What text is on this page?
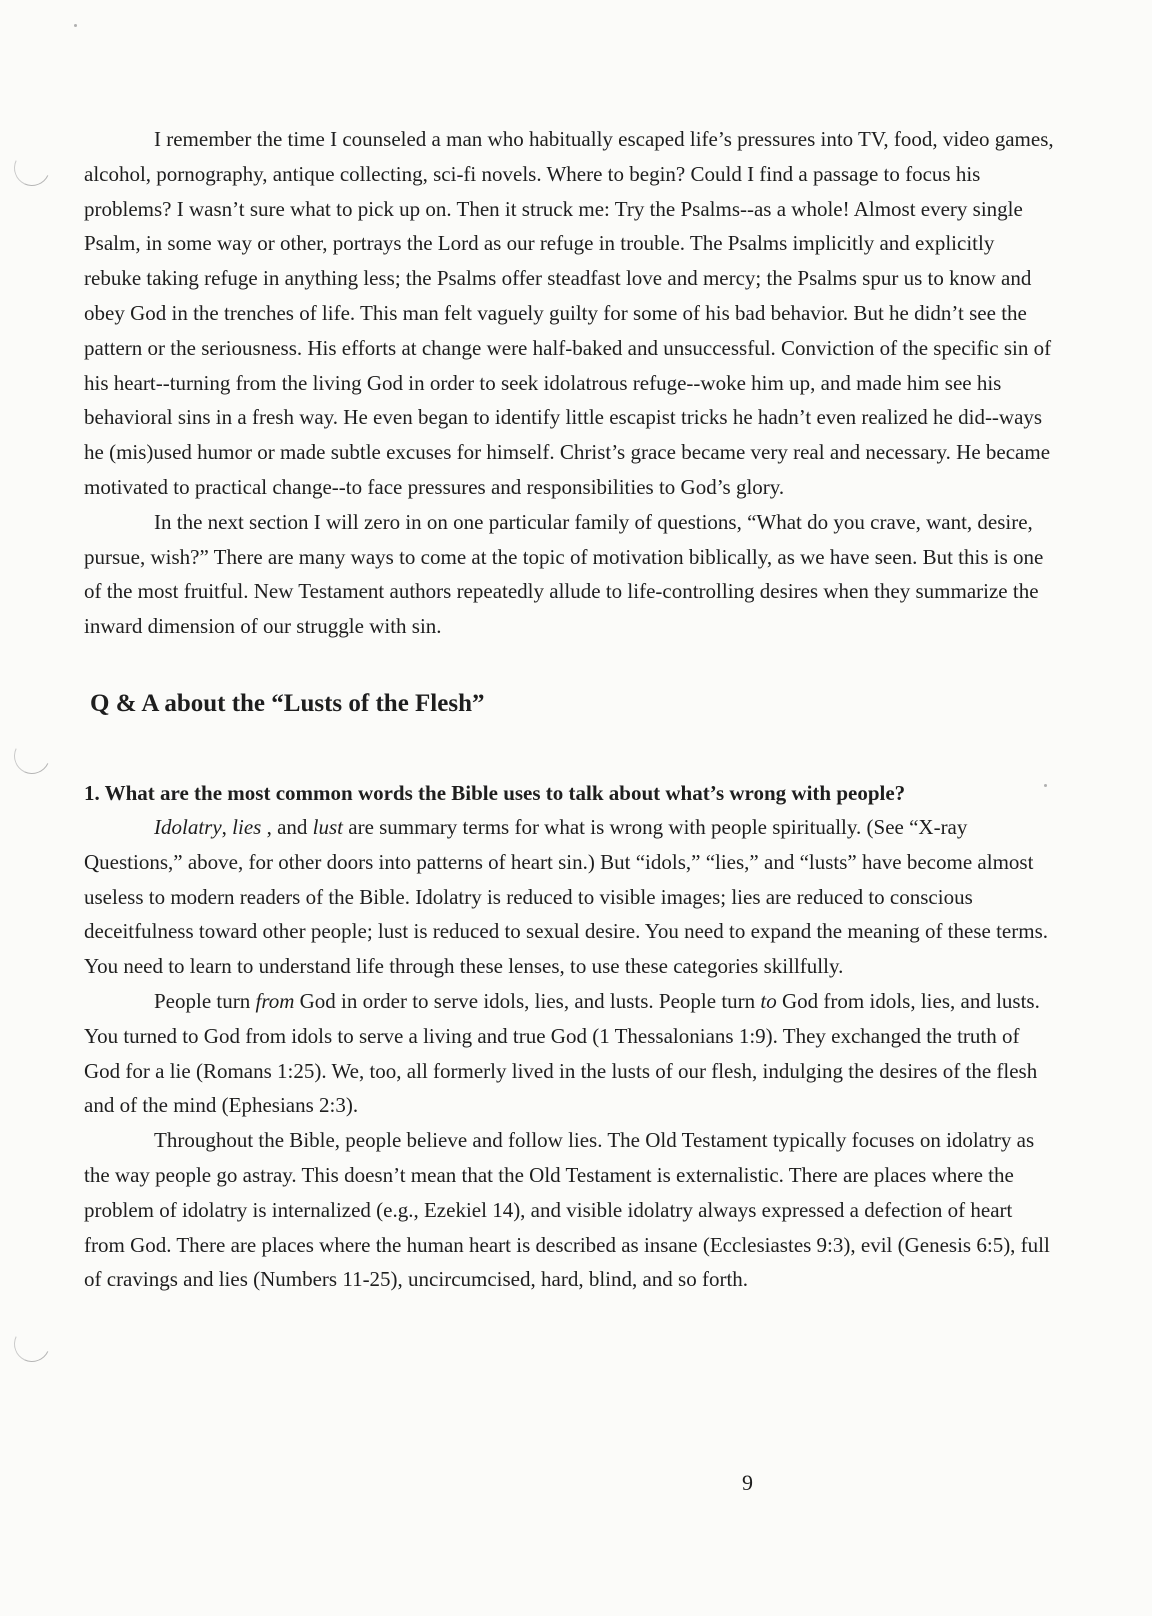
I remember the time I counseled a man who habitually escaped life’s pressures into TV, food, video games, alcohol, pornography, antique collecting, sci-fi novels. Where to begin? Could I find a passage to focus his problems? I wasn’t sure what to pick up on. Then it struck me: Try the Psalms--as a whole! Almost every single Psalm, in some way or other, portrays the Lord as our refuge in trouble. The Psalms implicitly and explicitly rebuke taking refuge in anything less; the Psalms offer steadfast love and mercy; the Psalms spur us to know and obey God in the trenches of life. This man felt vaguely guilty for some of his bad behavior. But he didn’t see the pattern or the seriousness. His efforts at change were half-baked and unsuccessful. Conviction of the specific sin of his heart--turning from the living God in order to seek idolatrous refuge--woke him up, and made him see his behavioral sins in a fresh way. He even began to identify little escapist tricks he hadn’t even realized he did--ways he (mis)used humor or made subtle excuses for himself. Christ’s grace became very real and necessary. He became motivated to practical change--to face pressures and responsibilities to God’s glory.

In the next section I will zero in on one particular family of questions, “What do you crave, want, desire, pursue, wish?” There are many ways to come at the topic of motivation biblically, as we have seen. But this is one of the most fruitful. New Testament authors repeatedly allude to life-controlling desires when they summarize the inward dimension of our struggle with sin.

Q & A about the “Lusts of the Flesh”

1. What are the most common words the Bible uses to talk about what’s wrong with people?

Idolatry, lies , and lust are summary terms for what is wrong with people spiritually. (See “X-ray Questions,” above, for other doors into patterns of heart sin.) But “idols,” “lies,” and “lusts” have become almost useless to modern readers of the Bible. Idolatry is reduced to visible images; lies are reduced to conscious deceitfulness toward other people; lust is reduced to sexual desire. You need to expand the meaning of these terms. You need to learn to understand life through these lenses, to use these categories skillfully.

People turn from God in order to serve idols, lies, and lusts. People turn to God from idols, lies, and lusts. You turned to God from idols to serve a living and true God (1 Thessalonians 1:9). They exchanged the truth of God for a lie (Romans 1:25). We, too, all formerly lived in the lusts of our flesh, indulging the desires of the flesh and of the mind (Ephesians 2:3).

Throughout the Bible, people believe and follow lies. The Old Testament typically focuses on idolatry as the way people go astray. This doesn’t mean that the Old Testament is externalistic. There are places where the problem of idolatry is internalized (e.g., Ezekiel 14), and visible idolatry always expressed a defection of heart from God. There are places where the human heart is described as insane (Ecclesiastes 9:3), evil (Genesis 6:5), full of cravings and lies (Numbers 11-25), uncircumcised, hard, blind, and so forth.

9
